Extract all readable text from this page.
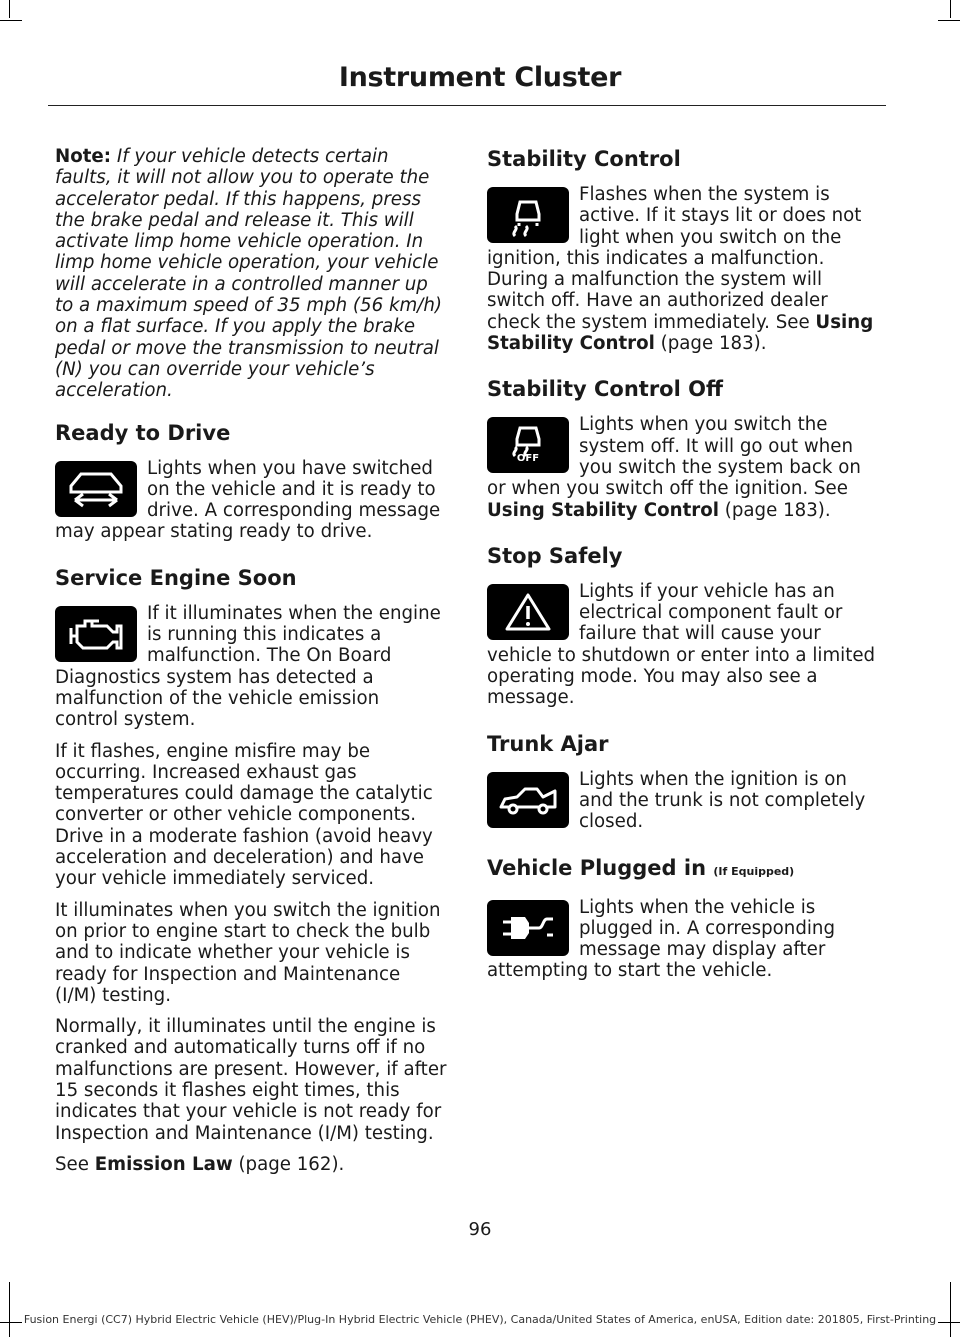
Instrument Cluster

Note: If your vehicle detects certain faults, it will not allow you to operate the accelerator pedal. If this happens, press the brake pedal and release it. This will activate limp home vehicle operation. In limp home vehicle operation, your vehicle will accelerate in a controlled manner up to a maximum speed of 35 mph (56 km/h) on a flat surface. If you apply the brake pedal or move the transmission to neutral (N) you can override your vehicle’s acceleration.

Ready to Drive

Lights when you have switched on the vehicle and it is ready to drive. A corresponding message may appear stating ready to drive.

Service Engine Soon

If it illuminates when the engine is running this indicates a malfunction. The On Board Diagnostics system has detected a malfunction of the vehicle emission control system.

If it flashes, engine misfire may be occurring. Increased exhaust gas temperatures could damage the catalytic converter or other vehicle components. Drive in a moderate fashion (avoid heavy acceleration and deceleration) and have your vehicle immediately serviced.

It illuminates when you switch the ignition on prior to engine start to check the bulb and to indicate whether your vehicle is ready for Inspection and Maintenance (I/M) testing.

Normally, it illuminates until the engine is cranked and automatically turns off if no malfunctions are present. However, if after 15 seconds it flashes eight times, this indicates that your vehicle is not ready for Inspection and Maintenance (I/M) testing.

See Emission Law (page 162).

Stability Control

Flashes when the system is active. If it stays lit or does not light when you switch on the ignition, this indicates a malfunction. During a malfunction the system will switch off. Have an authorized dealer check the system immediately. See Using Stability Control (page 183).

Stability Control Off
OFF

Lights when you switch the system off. It will go out when you switch the system back on or when you switch off the ignition. See Using Stability Control (page 183).

Stop Safely

Lights if your vehicle has an electrical component fault or failure that will cause your vehicle to shutdown or enter into a limited operating mode. You may also see a message.

Trunk Ajar

Lights when the ignition is on and the trunk is not completely closed.

Vehicle Plugged in (If Equipped)

Lights when the vehicle is plugged in. A corresponding message may display after attempting to start the vehicle.

96
Fusion Energi (CC7) Hybrid Electric Vehicle (HEV)/Plug-In Hybrid Electric Vehicle (PHEV), Canada/United States of America, enUSA, Edition date: 201805, First-Printing
